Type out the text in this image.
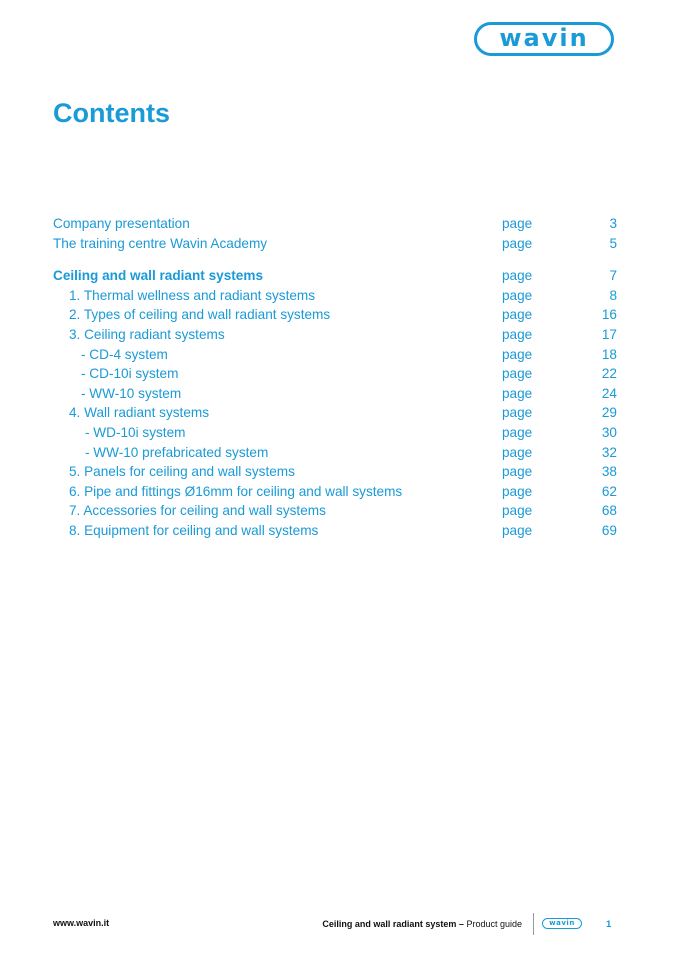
wavin
Contents
Company presentation	page	3
The training centre Wavin Academy	page	5
Ceiling and wall radiant systems	page	7
1. Thermal wellness and radiant systems	page	8
2. Types of ceiling and wall radiant systems	page	16
3. Ceiling radiant systems	page	17
- CD-4 system	page	18
- CD-10i system	page	22
- WW-10 system	page	24
4. Wall radiant systems	page	29
- WD-10i system	page	30
- WW-10 prefabricated system	page	32
5. Panels for ceiling and wall systems	page	38
6. Pipe and fittings Ø16mm for ceiling and wall systems	page	62
7. Accessories for ceiling and wall systems	page	68
8. Equipment for ceiling and wall systems	page	69
www.wavin.it	Ceiling and wall radiant system – Product guide	wavin	1
